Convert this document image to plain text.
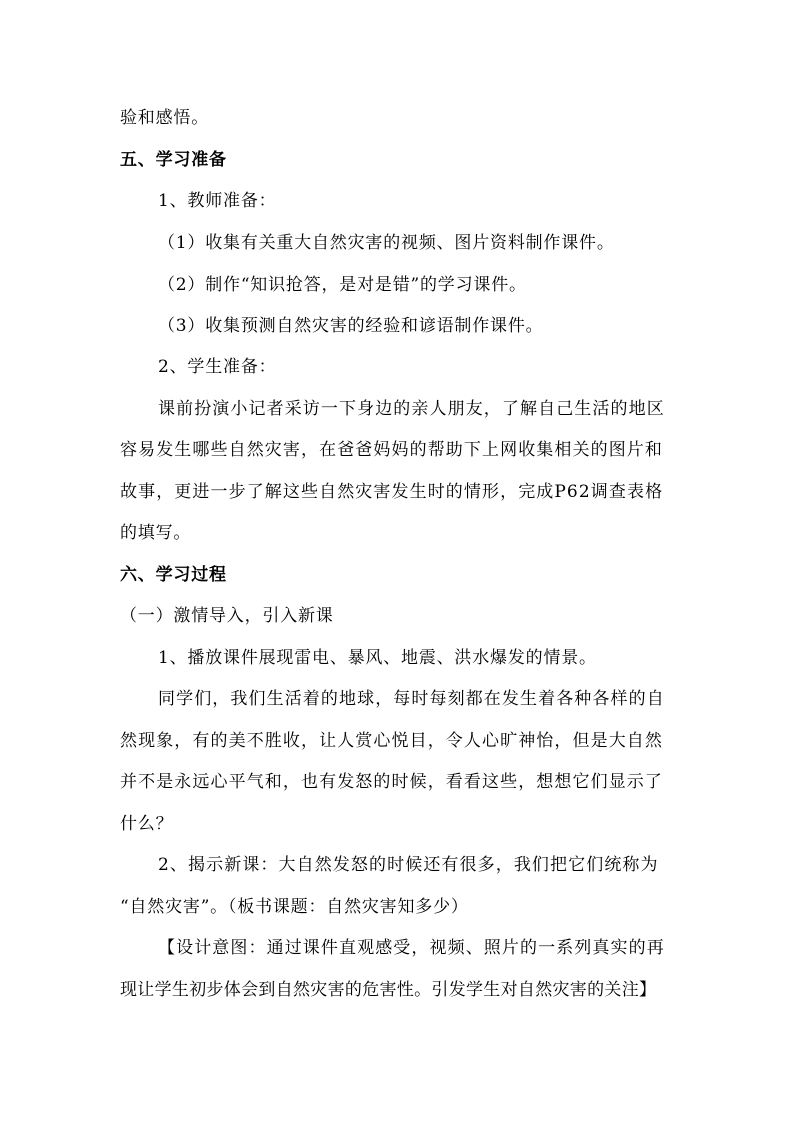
验和感悟。
五、学习准备
1、教师准备：
（1）收集有关重大自然灾害的视频、图片资料制作课件。
（2）制作“知识抢答，是对是错”的学习课件。
（3）收集预测自然灾害的经验和谚语制作课件。
2、学生准备：
课前扮演小记者采访一下身边的亲人朋友，了解自己生活的地区
容易发生哪些自然灾害，在爸爸妈妈的帮助下上网收集相关的图片和
故事，更进一步了解这些自然灾害发生时的情形，完成P62调查表格
的填写。
六、学习过程
（一）激情导入，引入新课
1、播放课件展现雷电、暴风、地震、洪水爆发的情景。
同学们，我们生活着的地球，每时每刻都在发生着各种各样的自
然现象，有的美不胜收，让人赏心悦目，令人心旷神怡，但是大自然
并不是永远心平气和，也有发怒的时候，看看这些，想想它们显示了
什么？
2、揭示新课：大自然发怒的时候还有很多，我们把它们统称为
“自然灾害”。（板书课题：自然灾害知多少）
【设计意图：通过课件直观感受，视频、照片的一系列真实的再
现让学生初步体会到自然灾害的危害性。引发学生对自然灾害的关注】
